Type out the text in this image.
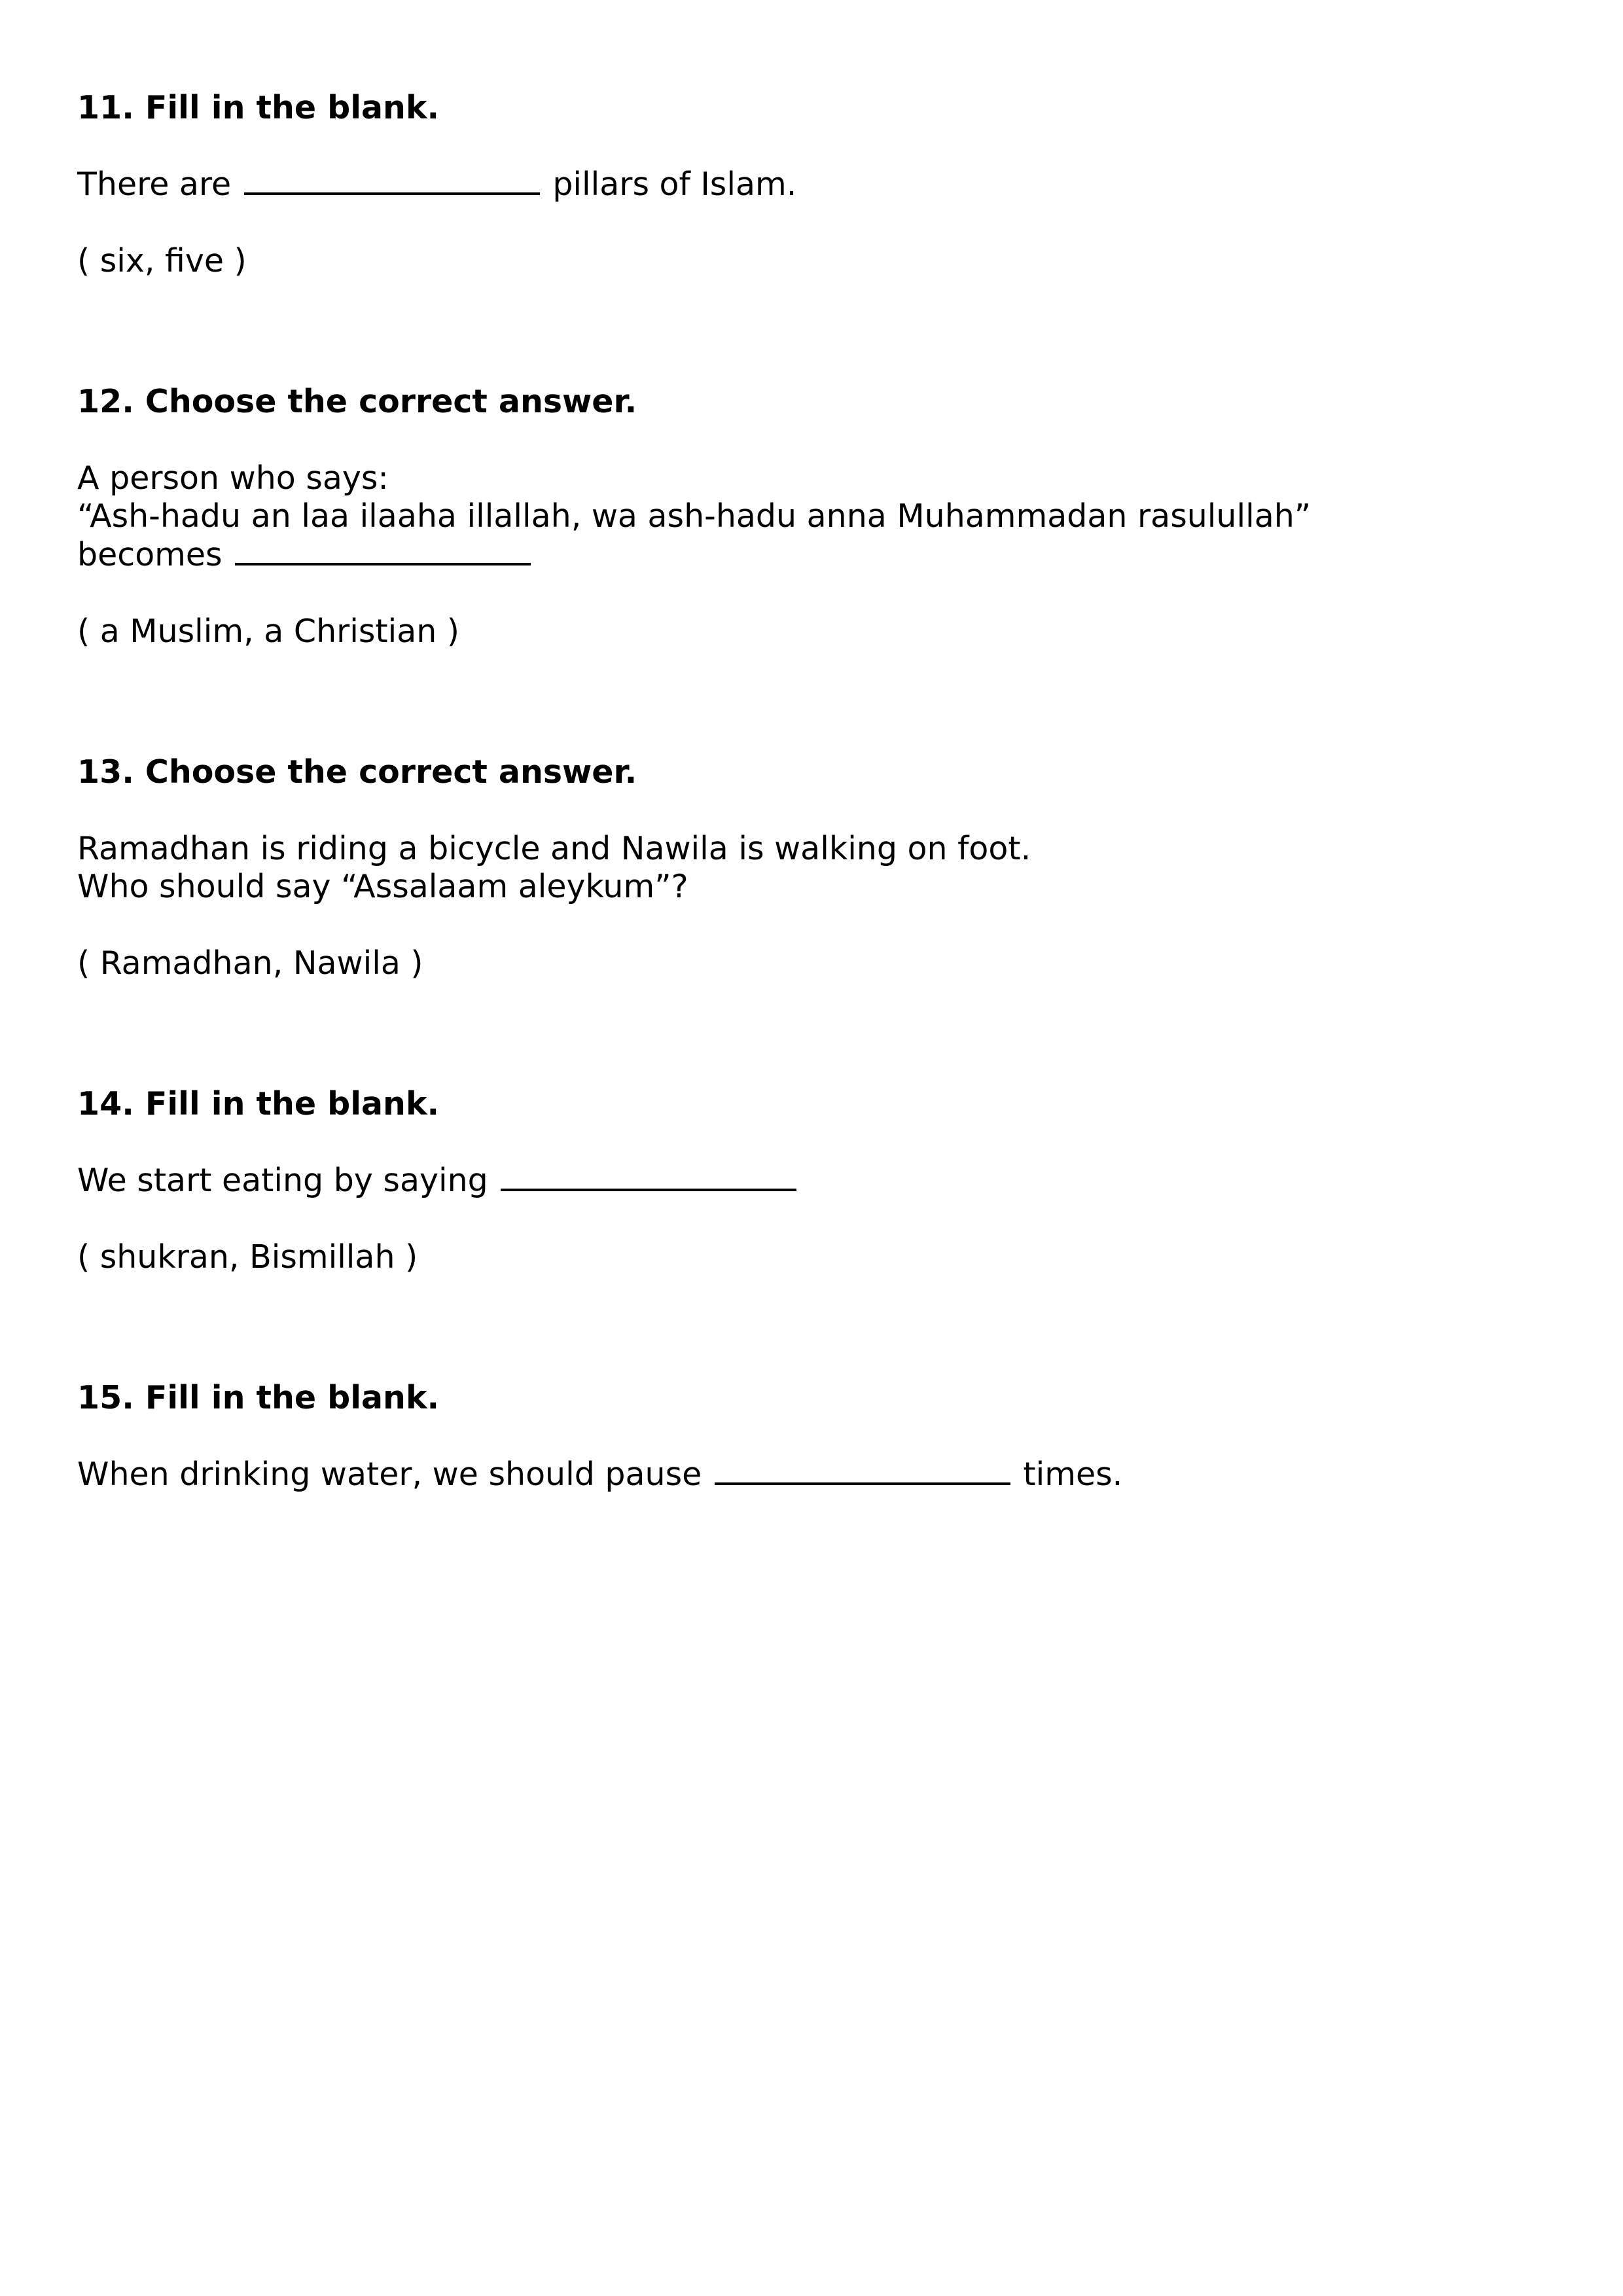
11. Fill in the blank.

There are	pillars of Islam.

( six, five )

12. Choose the correct answer.

A person who says:

“Ash-hadu an laa ilaaha illallah, wa ash-hadu anna Muhammadan rasulullah”

becomes

( a Muslim, a Christian )

13. Choose the correct answer.

Ramadhan is riding a bicycle and Nawila is walking on foot.

Who should say “Assalaam aleykum”?

( Ramadhan, Nawila )

14. Fill in the blank.

We start eating by saying

( shukran, Bismillah )

15. Fill in the blank.

When drinking water, we should pause	times.
